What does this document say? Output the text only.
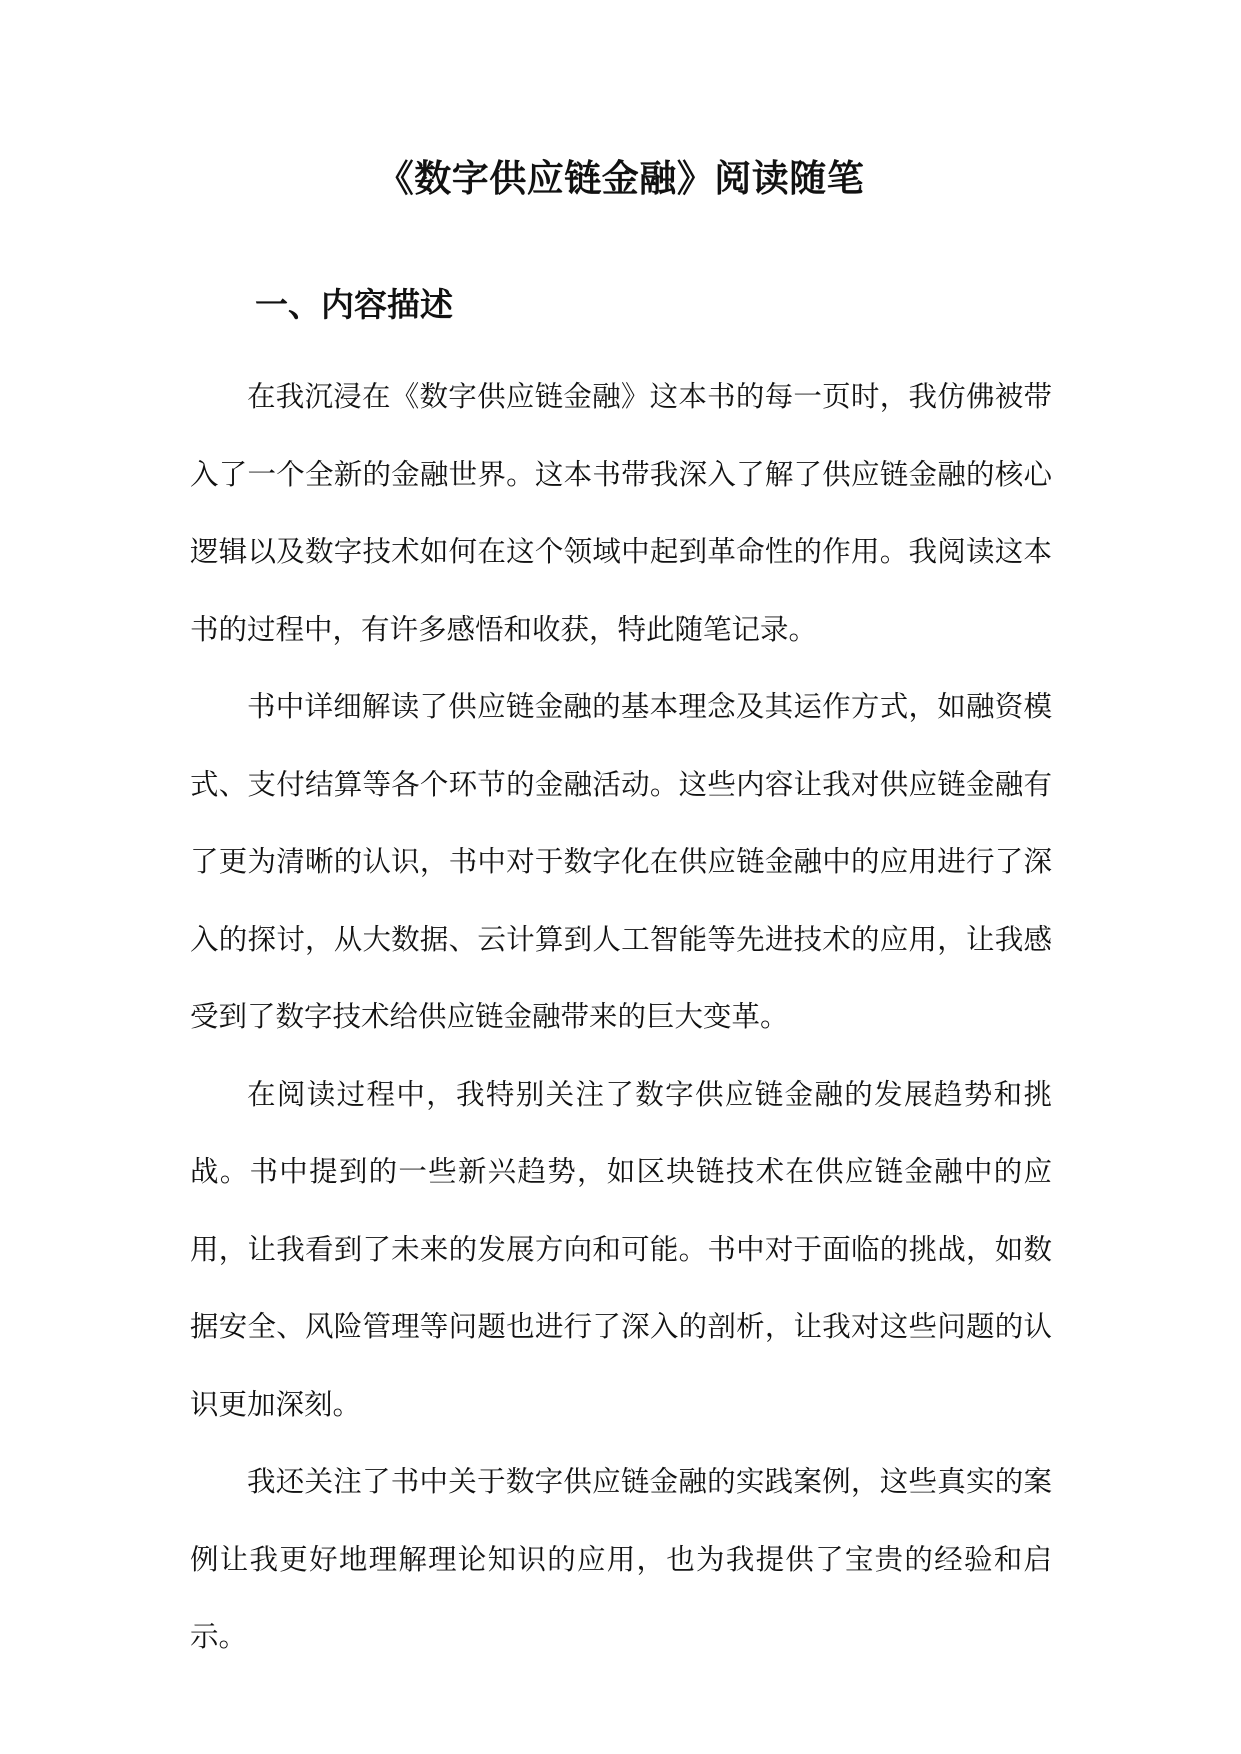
《数字供应链金融》阅读随笔
一、内容描述

在我沉浸在《数字供应链金融》这本书的每一页时，我仿佛被带入了一个全新的金融世界。这本书带我深入了解了供应链金融的核心逻辑以及数字技术如何在这个领域中起到革命性的作用。我阅读这本书的过程中，有许多感悟和收获，特此随笔记录。

书中详细解读了供应链金融的基本理念及其运作方式，如融资模式、支付结算等各个环节的金融活动。这些内容让我对供应链金融有了更为清晰的认识，书中对于数字化在供应链金融中的应用进行了深入的探讨，从大数据、云计算到人工智能等先进技术的应用，让我感受到了数字技术给供应链金融带来的巨大变革。

在阅读过程中，我特别关注了数字供应链金融的发展趋势和挑战。书中提到的一些新兴趋势，如区块链技术在供应链金融中的应用，让我看到了未来的发展方向和可能。书中对于面临的挑战，如数据安全、风险管理等问题也进行了深入的剖析，让我对这些问题的认识更加深刻。

我还关注了书中关于数字供应链金融的实践案例，这些真实的案例让我更好地理解理论知识的应用，也为我提供了宝贵的经验和启示。
